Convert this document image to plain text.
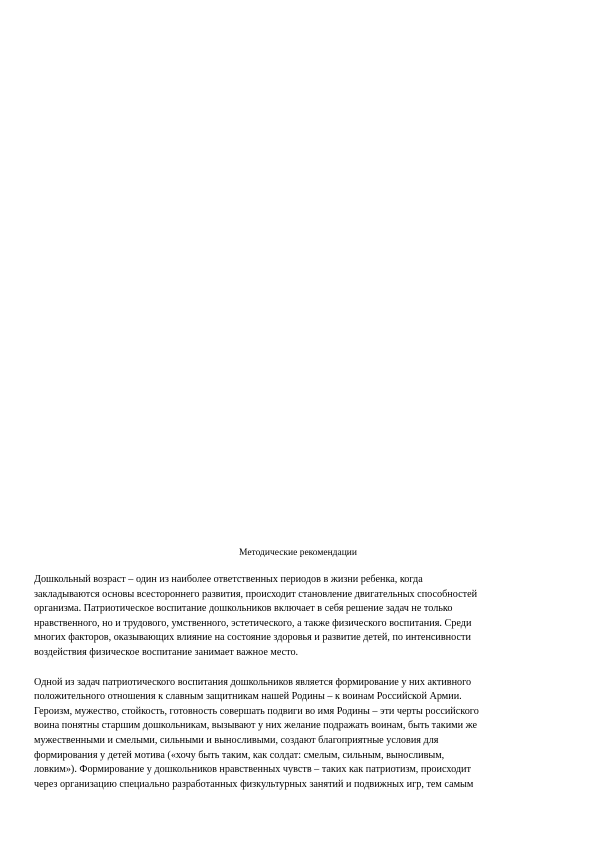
Методические рекомендации

Дошкольный возраст – один из наиболее ответственных периодов в жизни ребенка, когда
закладываются основы всестороннего развития, происходит становление двигательных способностей
организма. Патриотическое воспитание дошкольников включает в себя решение задач не только
нравственного, но и трудового, умственного, эстетического, а также физического воспитания. Среди
многих факторов, оказывающих влияние на состояние здоровья и развитие детей, по интенсивности
воздействия физическое воспитание занимает важное место.

Одной из задач патриотического воспитания дошкольников является формирование у них активного
положительного отношения к славным защитникам нашей Родины – к воинам Российской Армии.
Героизм, мужество, стойкость, готовность совершать подвиги во имя Родины – эти черты российского
воина понятны старшим дошкольникам, вызывают у них желание подражать воинам, быть такими же
мужественными и смелыми, сильными и выносливыми, создают благоприятные условия для
формирования у детей мотива («хочу быть таким, как солдат: смелым, сильным, выносливым,
ловким»). Формирование у дошкольников нравственных чувств – таких как патриотизм, происходит
через организацию специально разработанных физкультурных занятий и подвижных игр, тем самым
